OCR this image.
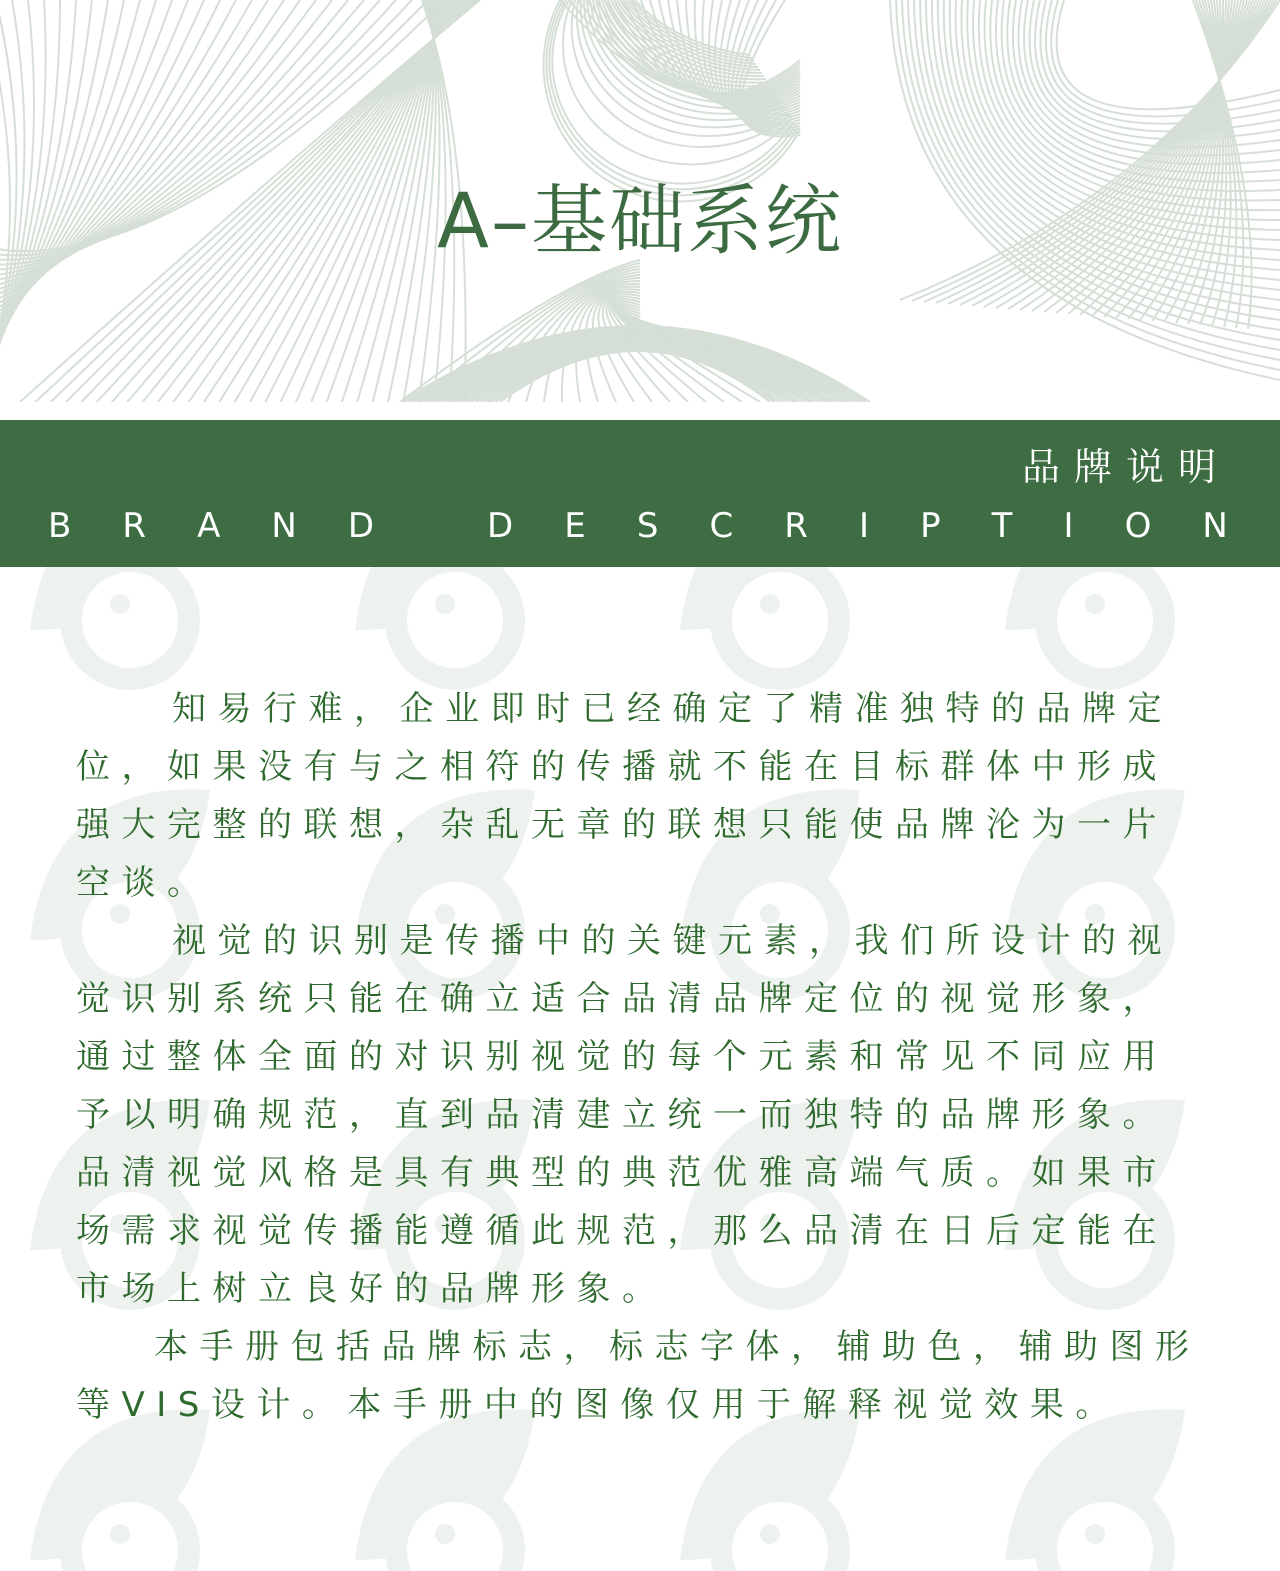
A–基础系统
品牌说明
B R A N D
	D E S C R I P T I O N
知易行难，企业即时已经确定了精准独特的品牌定
位，如果没有与之相符的传播就不能在目标群体中形成
强大完整的联想，杂乱无章的联想只能使品牌沦为一片
空谈。
视觉的识别是传播中的关键元素，我们所设计的视
觉识别系统只能在确立适合品清品牌定位的视觉形象，
通过整体全面的对识别视觉的每个元素和常见不同应用
予以明确规范，直到品清建立统一而独特的品牌形象。
品清视觉风格是具有典型的典范优雅高端气质。如果市
场需求视觉传播能遵循此规范，那么品清在日后定能在
市场上树立良好的品牌形象。
本手册包括品牌标志，标志字体，辅助色，辅助图形
等VIS设计。本手册中的图像仅用于解释视觉效果。
